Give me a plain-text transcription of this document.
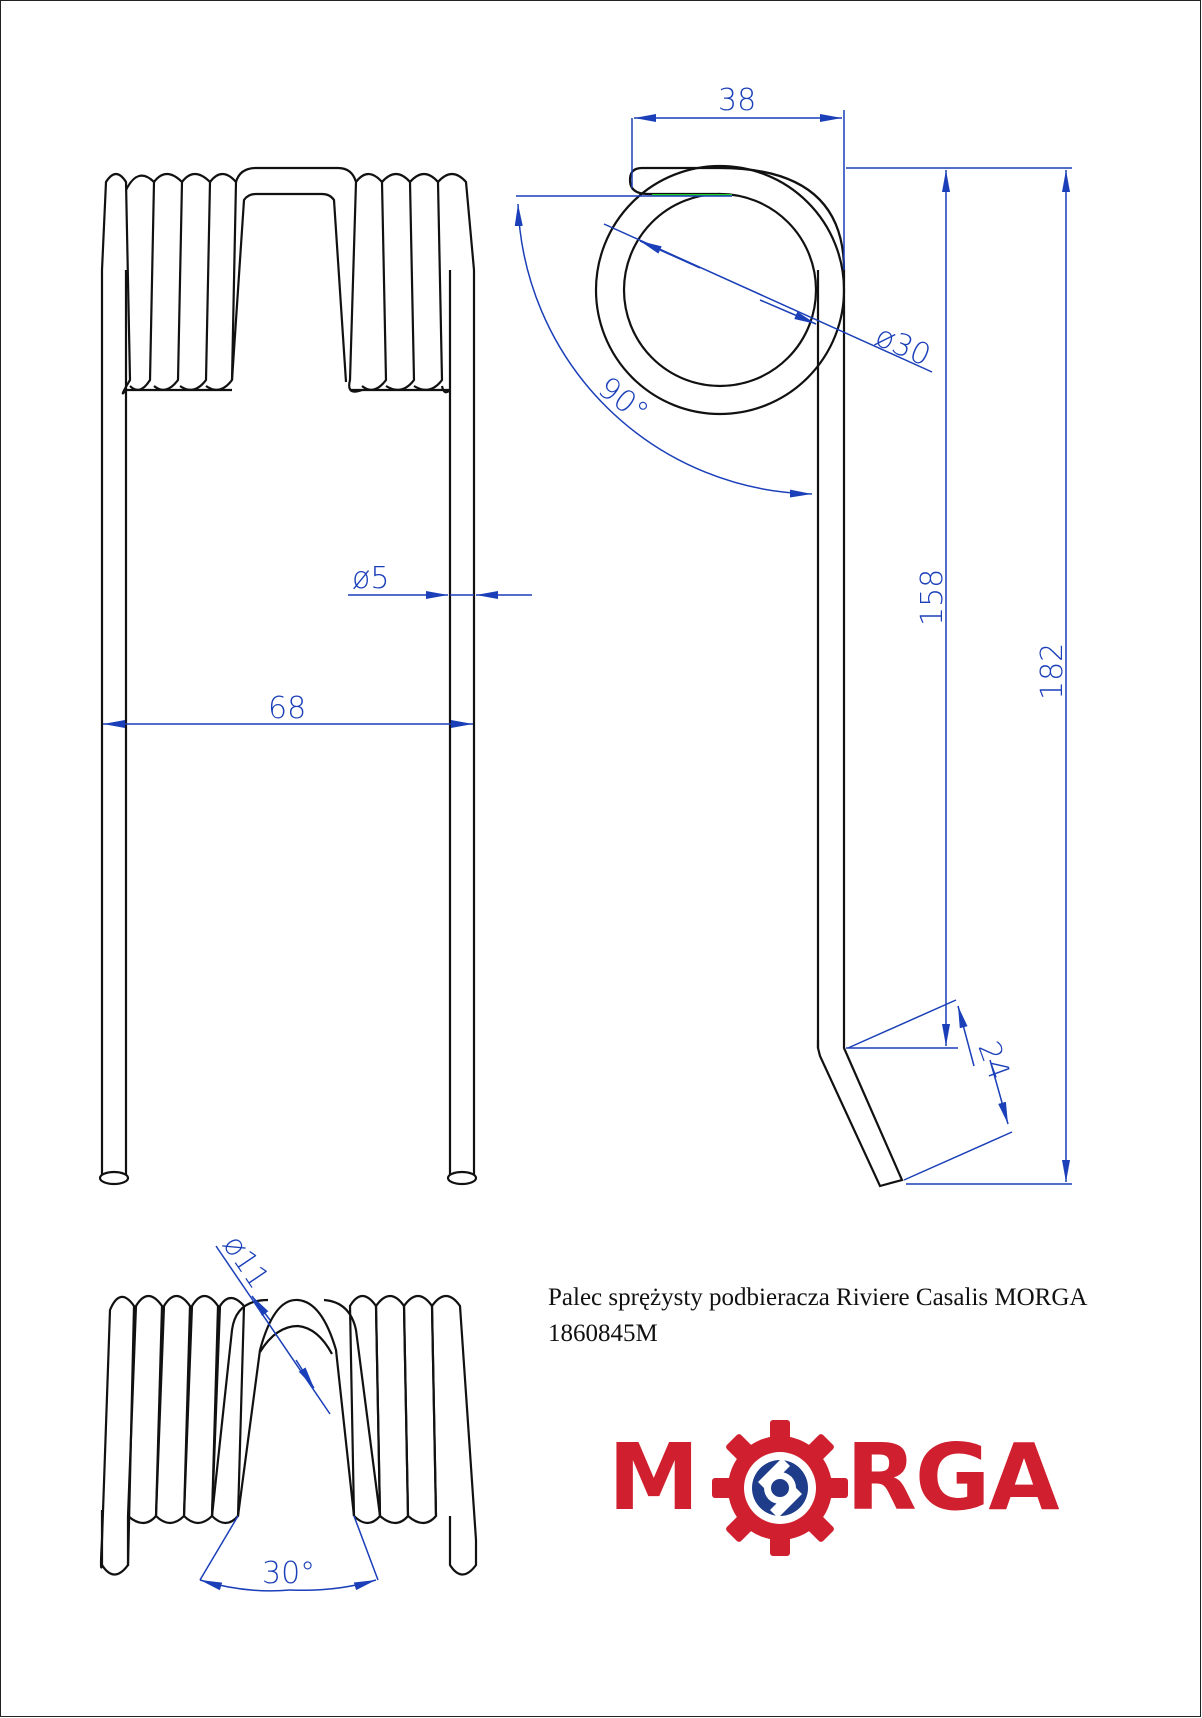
ø5
68
38
ø30
90°
158
182
24
ø11
30°
Palec sprężysty podbieracza Riviere Casalis MORGA
1860845M
M RGA
